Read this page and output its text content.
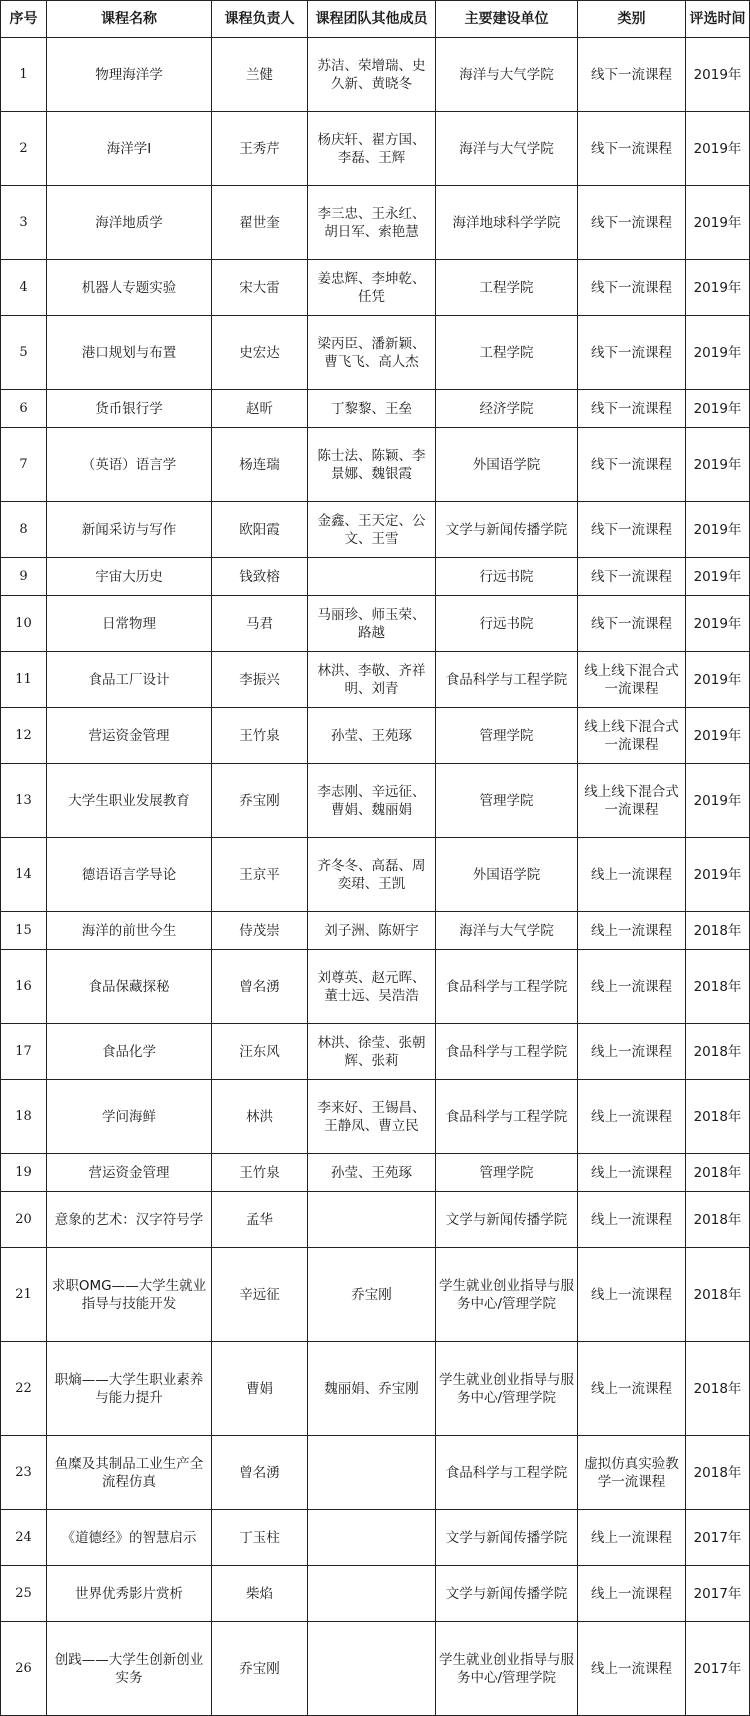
序号	课程名称	课程负责人	课程团队其他成员	主要建设单位	类别	评选时间
1	物理海洋学	兰健	苏洁、荣增瑞、史久新、黄晓冬	海洋与大气学院	线下一流课程	2019年
2	海洋学I	王秀芹	杨庆轩、翟方国、李磊、王辉	海洋与大气学院	线下一流课程	2019年
3	海洋地质学	翟世奎	李三忠、王永红、胡日军、索艳慧	海洋地球科学学院	线下一流课程	2019年
4	机器人专题实验	宋大雷	姜忠辉、李坤乾、任凭	工程学院	线下一流课程	2019年
5	港口规划与布置	史宏达	梁丙臣、潘新颖、曹飞飞、高人杰	工程学院	线下一流课程	2019年
6	货币银行学	赵昕	丁黎黎、王垒	经济学院	线下一流课程	2019年
7	（英语）语言学	杨连瑞	陈士法、陈颖、李景娜、魏银霞	外国语学院	线下一流课程	2019年
8	新闻采访与写作	欧阳霞	金鑫、王天定、公文、王雪	文学与新闻传播学院	线下一流课程	2019年
9	宇宙大历史	钱致榕		行远书院	线下一流课程	2019年
10	日常物理	马君	马丽珍、师玉荣、路越	行远书院	线下一流课程	2019年
11	食品工厂设计	李振兴	林洪、李敬、齐祥明、刘青	食品科学与工程学院	线上线下混合式一流课程	2019年
12	营运资金管理	王竹泉	孙莹、王苑琢	管理学院	线上线下混合式一流课程	2019年
13	大学生职业发展教育	乔宝刚	李志刚、辛远征、曹娟、魏丽娟	管理学院	线上线下混合式一流课程	2019年
14	德语语言学导论	王京平	齐冬冬、高磊、周奕珺、王凯	外国语学院	线上一流课程	2019年
15	海洋的前世今生	侍茂崇	刘子洲、陈妍宇	海洋与大气学院	线上一流课程	2018年
16	食品保藏探秘	曾名湧	刘尊英、赵元晖、董士远、吴浩浩	食品科学与工程学院	线上一流课程	2018年
17	食品化学	汪东风	林洪、徐莹、张朝辉、张莉	食品科学与工程学院	线上一流课程	2018年
18	学问海鲜	林洪	李来好、王锡昌、王静凤、曹立民	食品科学与工程学院	线上一流课程	2018年
19	营运资金管理	王竹泉	孙莹、王苑琢	管理学院	线上一流课程	2018年
20	意象的艺术：汉字符号学	孟华		文学与新闻传播学院	线上一流课程	2018年
21	求职OMG——大学生就业指导与技能开发	辛远征	乔宝刚	学生就业创业指导与服务中心/管理学院	线上一流课程	2018年
22	职熵——大学生职业素养与能力提升	曹娟	魏丽娟、乔宝刚	学生就业创业指导与服务中心/管理学院	线上一流课程	2018年
23	鱼糜及其制品工业生产全流程仿真	曾名湧		食品科学与工程学院	虚拟仿真实验教学一流课程	2018年
24	《道德经》的智慧启示	丁玉柱		文学与新闻传播学院	线上一流课程	2017年
25	世界优秀影片赏析	柴焰		文学与新闻传播学院	线上一流课程	2017年
26	创践——大学生创新创业实务	乔宝刚		学生就业创业指导与服务中心/管理学院	线上一流课程	2017年
